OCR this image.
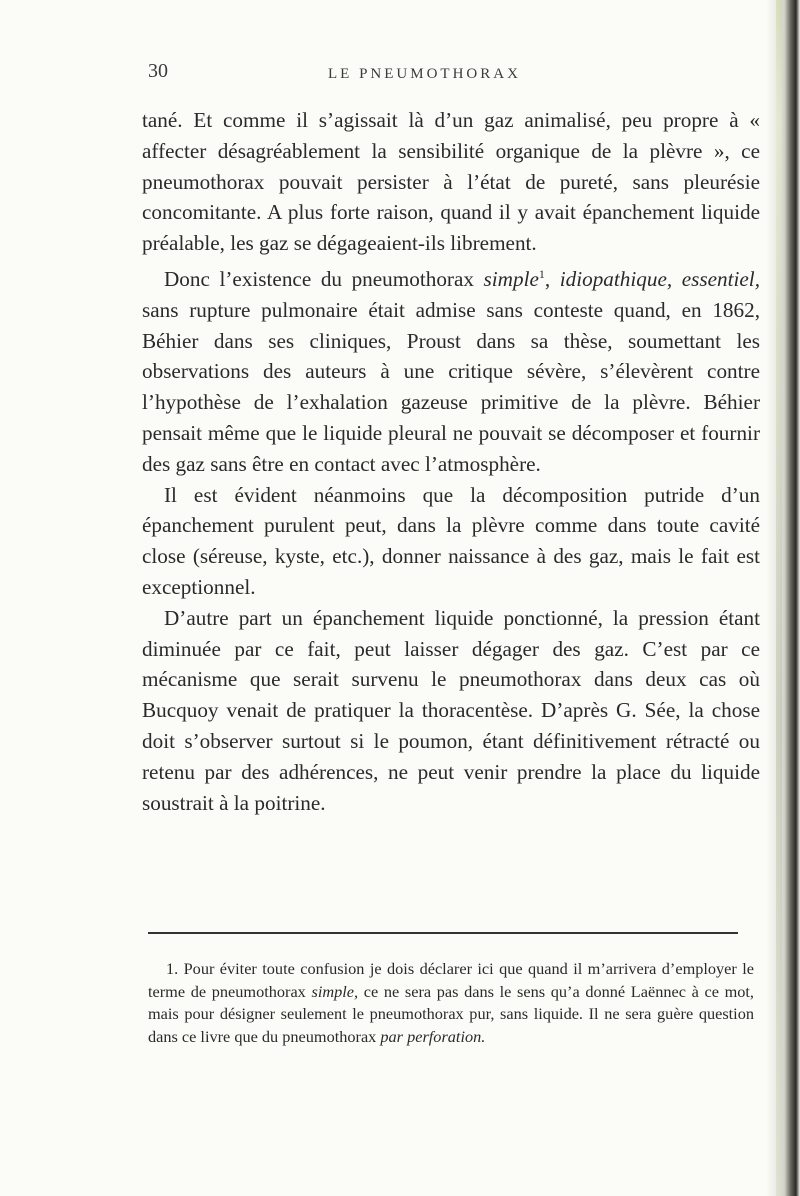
30	LE PNEUMOTHORAX

tané. Et comme il s’agissait là d’un gaz animalisé, peu propre à « affecter désagréablement la sensibilité organique de la plèvre », ce pneumothorax pouvait persister à l’état de pureté, sans pleurésie concomitante. A plus forte raison, quand il y avait épanchement liquide préalable, les gaz se dégageaient-ils librement.

Donc l’existence du pneumothorax simple$^1$, idiopathique, essentiel, sans rupture pulmonaire était admise sans conteste quand, en 1862, Béhier dans ses cliniques, Proust dans sa thèse, soumettant les observations des auteurs à une critique sévère, s’élevèrent contre l’hypothèse de l’exhalation gazeuse primitive de la plèvre. Béhier pensait même que le liquide pleural ne pouvait se décomposer et fournir des gaz sans être en contact avec l’atmosphère.

Il est évident néanmoins que la décomposition putride d’un épanchement purulent peut, dans la plèvre comme dans toute cavité close (séreuse, kyste, etc.), donner naissance à des gaz, mais le fait est exceptionnel.

D’autre part un épanchement liquide ponctionné, la pression étant diminuée par ce fait, peut laisser dégager des gaz. C’est par ce mécanisme que serait survenu le pneumothorax dans deux cas où Bucquoy venait de pratiquer la thoracentèse. D’après G. Sée, la chose doit s’observer surtout si le poumon, étant définitivement rétracté ou retenu par des adhérences, ne peut venir prendre la place du liquide soustrait à la poitrine.

1. Pour éviter toute confusion je dois déclarer ici que quand il m’arrivera d’employer le terme de pneumothorax simple, ce ne sera pas dans le sens qu’a donné Laënnec à ce mot, mais pour désigner seulement le pneumothorax pur, sans liquide. Il ne sera guère question dans ce livre que du pneumothorax par perforation.
